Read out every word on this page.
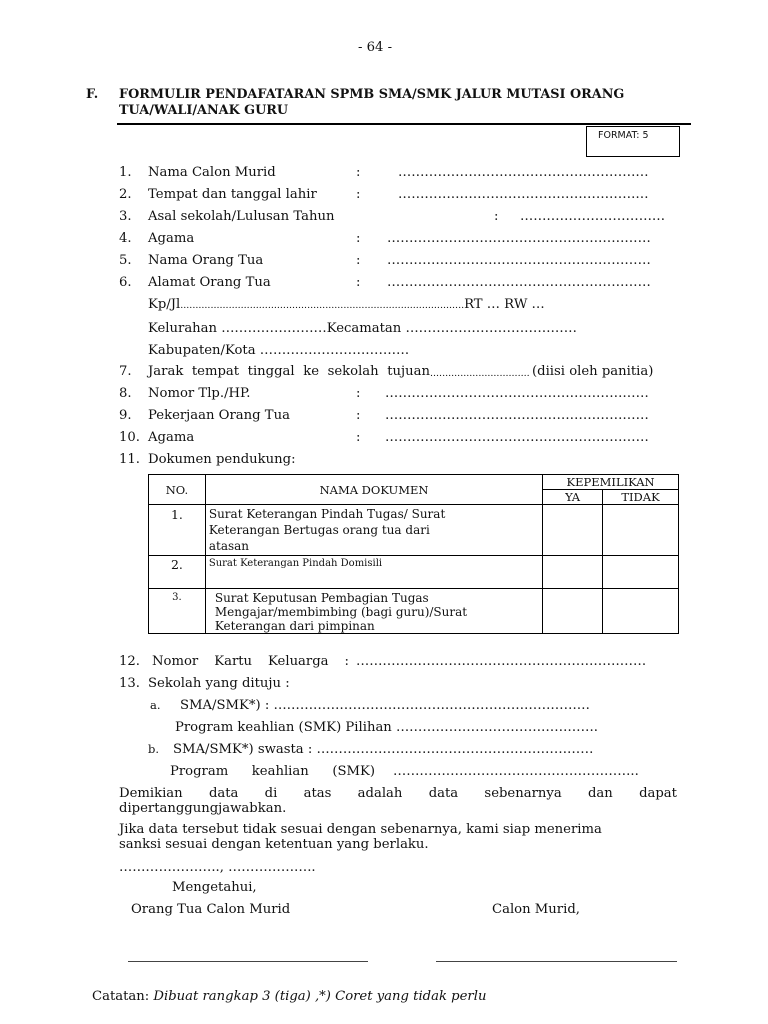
- 64 -
F. FORMULIR PENDAFATARAN SPMB SMA/SMK JALUR MUTASI ORANG
TUA/WALI/ANAK GURU
FORMAT: 5
1. Nama Calon Murid	:	…………………………………………………
2. Tempat dan tanggal lahir	:	…………………………………………………
3. Asal sekolah/Lulusan Tahun	: ……………………………
4. Agama	: ……………………………………………………
5. Nama Orang Tua	: ……………………………………………………
6. Alamat Orang Tua	: ……………………………………………………
Kp/Jl..............................................................................................RT … RW …
Kelurahan ……………………Kecamatan …………………………………
Kabupaten/Kota …………………………….
7. Jarak tempat tinggal ke sekolah tujuan ................................. (diisi oleh panitia)
8. Nomor Tlp./HP.	: ……………………………………………………
9. Pekerjaan Orang Tua	: ……………………………………………………
10. Agama	: ……………………………………………………
11. Dokumen pendukung:
NO.	NAMA DOKUMEN	KEPEMILIKAN	
		YA	TIDAK
1.	Surat Keterangan Pindah Tugas/ Surat
Keterangan Bertugas orang tua dari
atasan		

2.	Surat Keterangan Pindah Domisili		

3.	Surat Keputusan Pembagian Tugas
Mengajar/membimbing (bagi guru)/Surat
Keterangan dari pimpinan		

12. Nomor Kartu Keluarga : …………………………………………………………
13. Sekolah yang dituju :
a. SMA/SMK*) : ………………………………………………………………
Program keahlian (SMK) Pilihan ……………………………………….
b. SMA/SMK*) swasta : ………………………………………………………
Program keahlian (SMK) ………………………………………………..
Demikian data di atas adalah data sebenarnya dan dapat
dipertanggungjawabkan.
Jika data tersebut tidak sesuai dengan sebenarnya, kami siap menerima
sanksi sesuai dengan ketentuan yang berlaku.
………………….., ………………..
Mengetahui,
Orang Tua Calon Murid	Calon Murid,
Catatan: Dibuat rangkap 3 (tiga) ,*) Coret yang tidak perlu
